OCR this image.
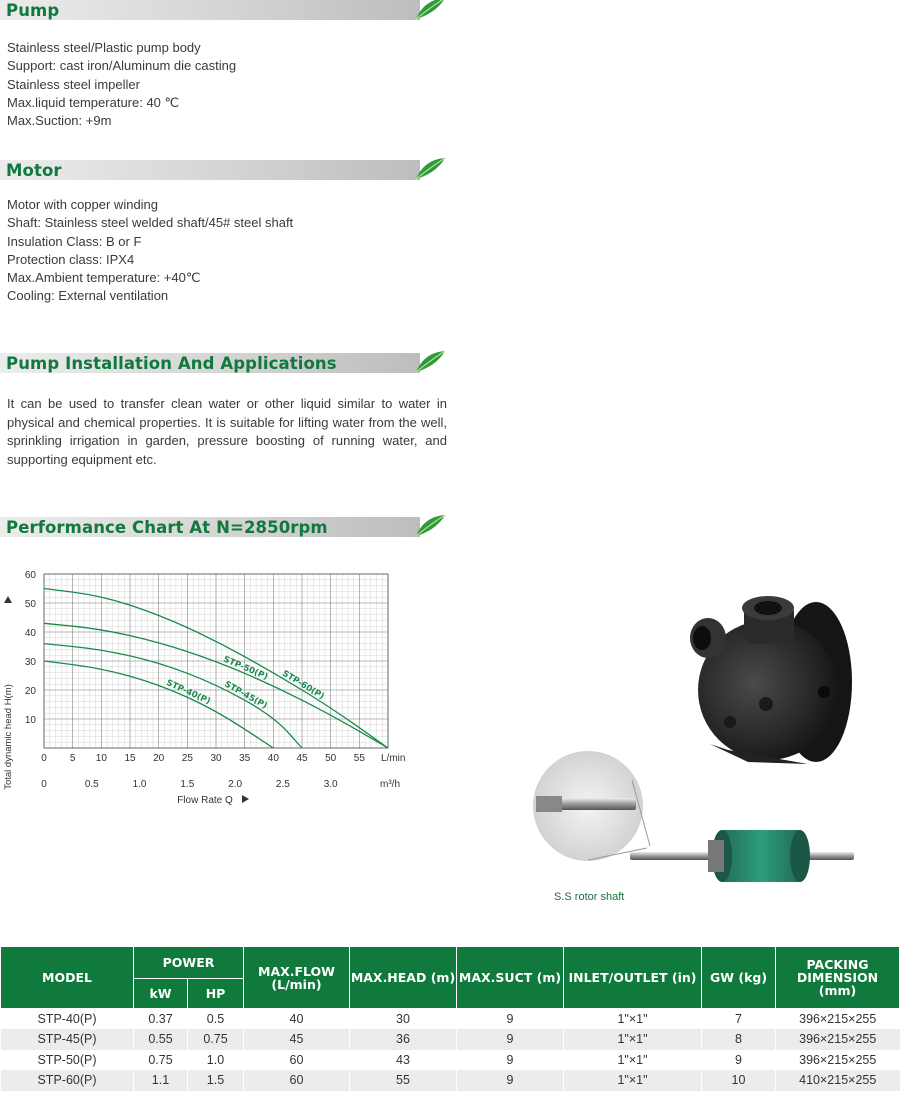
Pump
Stainless steel/Plastic pump body
Support: cast iron/Aluminum die casting
Stainless steel impeller
Max.liquid temperature: 40 ℃
Max.Suction: +9m
Motor
Motor with copper winding
Shaft: Stainless steel welded shaft/45# steel shaft
Insulation Class: B or F
Protection class: IPX4
Max.Ambient temperature: +40℃
Cooling: External ventilation
Pump Installation And Applications
It can be used to transfer clean water or other liquid similar to water in physical and chemical properties. It is suitable for lifting water from the well, sprinkling irrigation in garden, pressure boosting of running water, and supporting equipment etc.
Performance Chart At N=2850rpm
STP-60(P)
STP-50(P)
STP-45(P)
STP-40(P)
10
20
30
40
50
60
0 5 10 15 20 25 30 35 40 45 50 55
0	0.5	1.0	1.5	2.0	2.5	3.0
Total dynamic head H(m)	L/min
m³/h
Flow Rate Q
S.S rotor shaft
MODEL	POWER		MAX.FLOW (L/min)	MAX.HEAD (m)	MAX.SUCT (m)	INLET/OUTLET (in)	GW (kg)	PACKING DIMENSION (mm)
	kW	HP						
STP-40(P)	0.37	0.5	40	30	9	1"×1"	7	396×215×255
STP-45(P)	0.55	0.75	45	36	9	1"×1"	8	396×215×255
STP-50(P)	0.75	1.0	60	43	9	1"×1"	9	396×215×255
STP-60(P)	1.1	1.5	60	55	9	1"×1"	10	410×215×255
